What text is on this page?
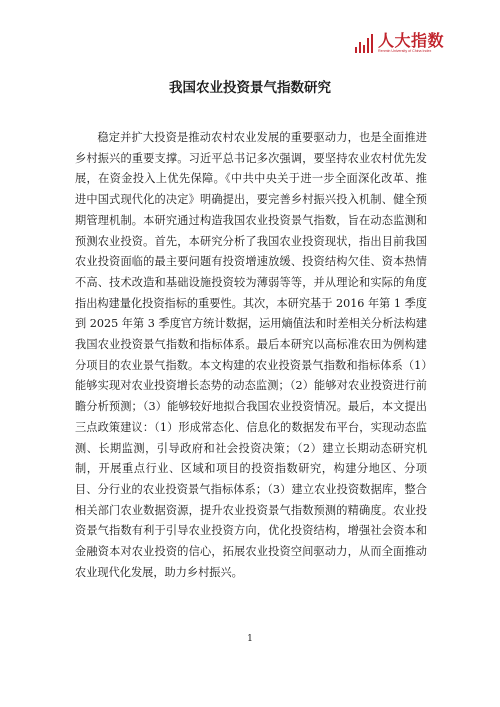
人大指数
Renmin University of China Index
我国农业投资景气指数研究

稳定并扩大投资是推动农村农业发展的重要驱动力，也是全面推进乡村振兴的重要支撑。习近平总书记多次强调，要坚持农业农村优先发展，在资金投入上优先保障。《中共中央关于进一步全面深化改革、推进中国式现代化的决定》明确提出，要完善乡村振兴投入机制、健全预期管理机制。本研究通过构造我国农业投资景气指数，旨在动态监测和预测农业投资。首先，本研究分析了我国农业投资现状，指出目前我国农业投资面临的最主要问题有投资增速放缓、投资结构欠佳、资本热情不高、技术改造和基础设施投资较为薄弱等等，并从理论和实际的角度指出构建量化投资指标的重要性。其次，本研究基于 2016 年第 1 季度到 2025 年第 3 季度官方统计数据，运用熵值法和时差相关分析法构建我国农业投资景气指数和指标体系。最后本研究以高标准农田为例构建分项目的农业景气指数。本文构建的农业投资景气指数和指标体系（1）能够实现对农业投资增长态势的动态监测；（2）能够对农业投资进行前瞻分析预测；（3）能够较好地拟合我国农业投资情况。最后，本文提出三点政策建议：（1）形成常态化、信息化的数据发布平台，实现动态监测、长期监测，引导政府和社会投资决策；（2）建立长期动态研究机制，开展重点行业、区域和项目的投资指数研究，构建分地区、分项目、分行业的农业投资景气指标体系；（3）建立农业投资数据库，整合相关部门农业数据资源，提升农业投资景气指数预测的精确度。农业投资景气指数有利于引导农业投资方向，优化投资结构，增强社会资本和金融资本对农业投资的信心，拓展农业投资空间驱动力，从而全面推动农业现代化发展，助力乡村振兴。

1
